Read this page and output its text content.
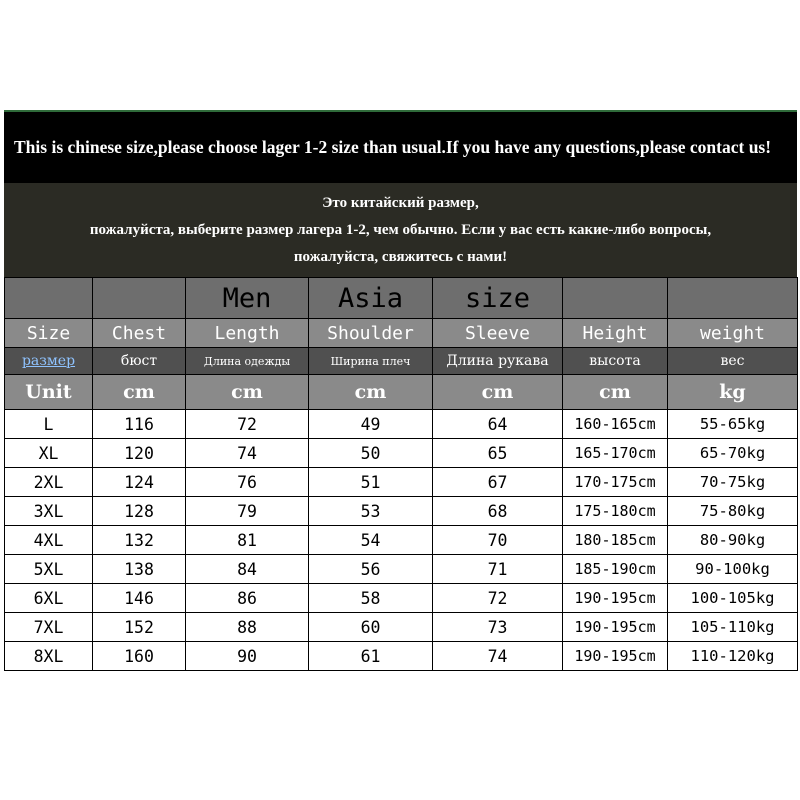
This is chinese size,please choose lager 1-2 size than usual.If you have any questions,please contact us!
Это китайский размер,
пожалуйста, выберите размер лагера 1-2, чем обычно. Если у вас есть какие-либо вопросы,
пожалуйста, свяжитесь с нами!
		Men	Asia	size		
Size	Chest	Length	Shoulder	Sleeve	Height	weight
размер	бюст	Длина одежды	Ширина плеч	Длина рукава	высота	вес
Unit	cm	cm	cm	cm	cm	kg
L	116	72	49	64	160-165cm	55-65kg
XL	120	74	50	65	165-170cm	65-70kg
2XL	124	76	51	67	170-175cm	70-75kg
3XL	128	79	53	68	175-180cm	75-80kg
4XL	132	81	54	70	180-185cm	80-90kg
5XL	138	84	56	71	185-190cm	90-100kg
6XL	146	86	58	72	190-195cm	100-105kg
7XL	152	88	60	73	190-195cm	105-110kg
8XL	160	90	61	74	190-195cm	110-120kg
